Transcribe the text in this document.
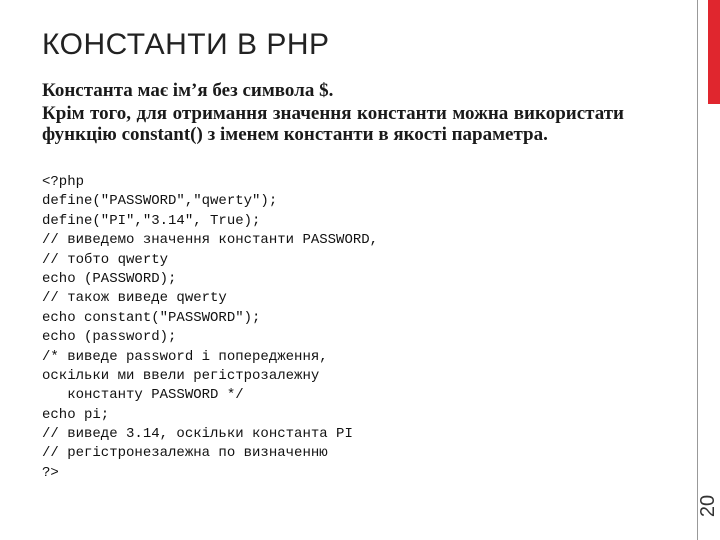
КОНСТАНТИ В PHP

Константа має ім’я без символа $.

Крім того, для отримання значення константи можна використати функцію constant() з іменем константи в якості параметра.

<?php
define("PASSWORD","qwerty");
define("PI","3.14", True);
// виведемо значення константи PASSWORD,
// тобто qwerty
echo (PASSWORD);
// також виведе qwerty
echo constant("PASSWORD");
echo (password);
/* виведе password і попередження,
оскільки ми ввели регістрозалежну
константу PASSWORD */
echo pi;
// виведе 3.14, оскільки константа PI
// регістронезалежна по визначенню
?>
20
